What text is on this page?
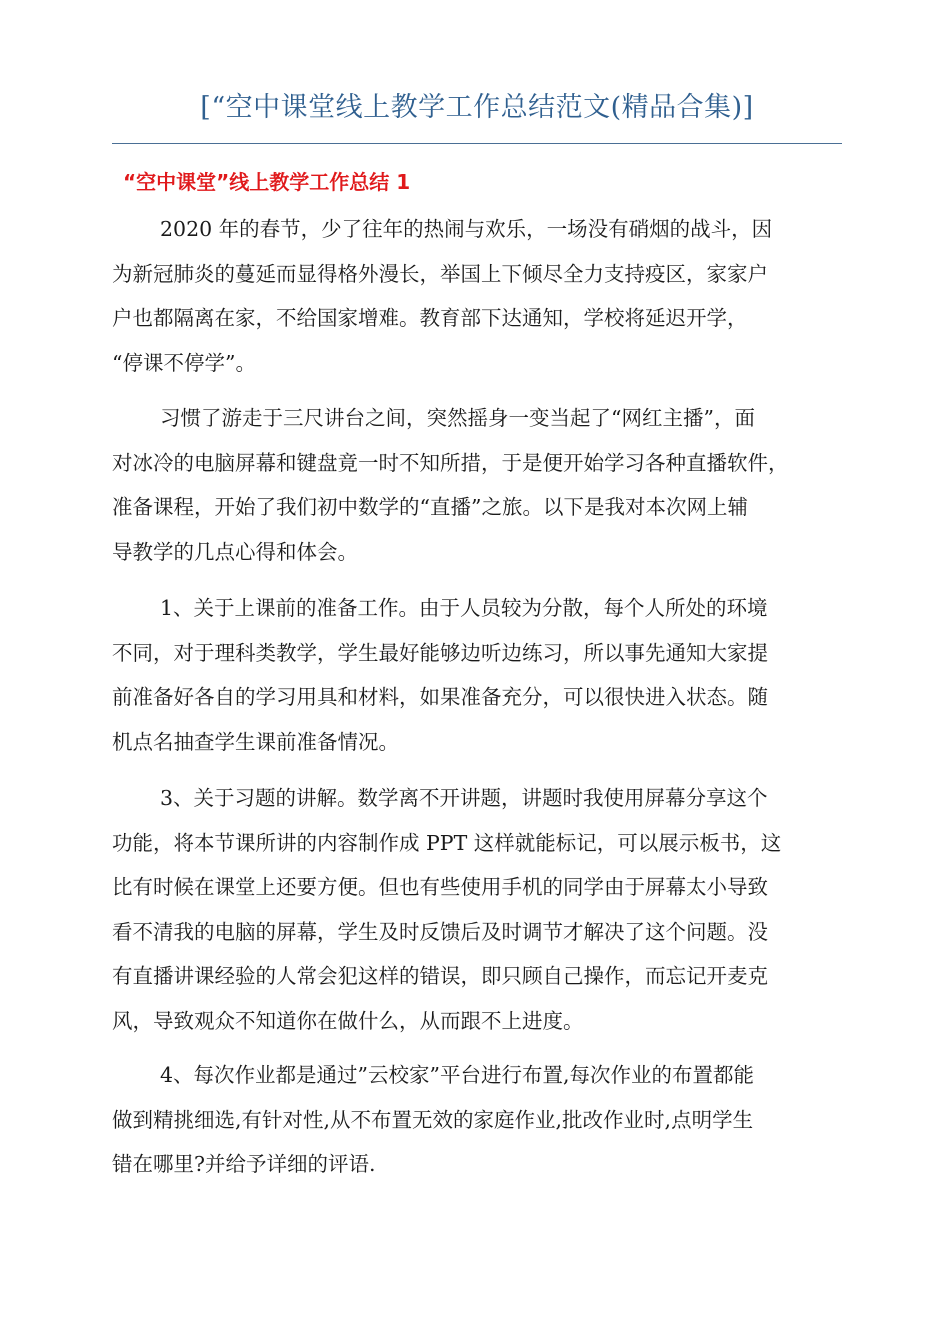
[“空中课堂线上教学工作总结范文(精品合集)]
“空中课堂”线上教学工作总结 1

2020 年的春节，少了往年的热闹与欢乐，一场没有硝烟的战斗，因
为新冠肺炎的蔓延而显得格外漫长，举国上下倾尽全力支持疫区，家家户
户也都隔离在家，不给国家增难。教育部下达通知，学校将延迟开学，
“停课不停学”。

习惯了游走于三尺讲台之间，突然摇身一变当起了“网红主播”，面
对冰冷的电脑屏幕和键盘竟一时不知所措，于是便开始学习各种直播软件，
准备课程，开始了我们初中数学的“直播”之旅。以下是我对本次网上辅
导教学的几点心得和体会。

1、关于上课前的准备工作。由于人员较为分散，每个人所处的环境
不同，对于理科类教学，学生最好能够边听边练习，所以事先通知大家提
前准备好各自的学习用具和材料，如果准备充分，可以很快进入状态。随
机点名抽查学生课前准备情况。

3、关于习题的讲解。数学离不开讲题，讲题时我使用屏幕分享这个
功能，将本节课所讲的内容制作成 PPT 这样就能标记，可以展示板书，这
比有时候在课堂上还要方便。但也有些使用手机的同学由于屏幕太小导致
看不清我的电脑的屏幕，学生及时反馈后及时调节才解决了这个问题。没
有直播讲课经验的人常会犯这样的错误，即只顾自己操作，而忘记开麦克
风，导致观众不知道你在做什么，从而跟不上进度。

4、每次作业都是通过”云校家”平台进行布置,每次作业的布置都能
做到精挑细选,有针对性,从不布置无效的家庭作业,批改作业时,点明学生
错在哪里?并给予详细的评语.
